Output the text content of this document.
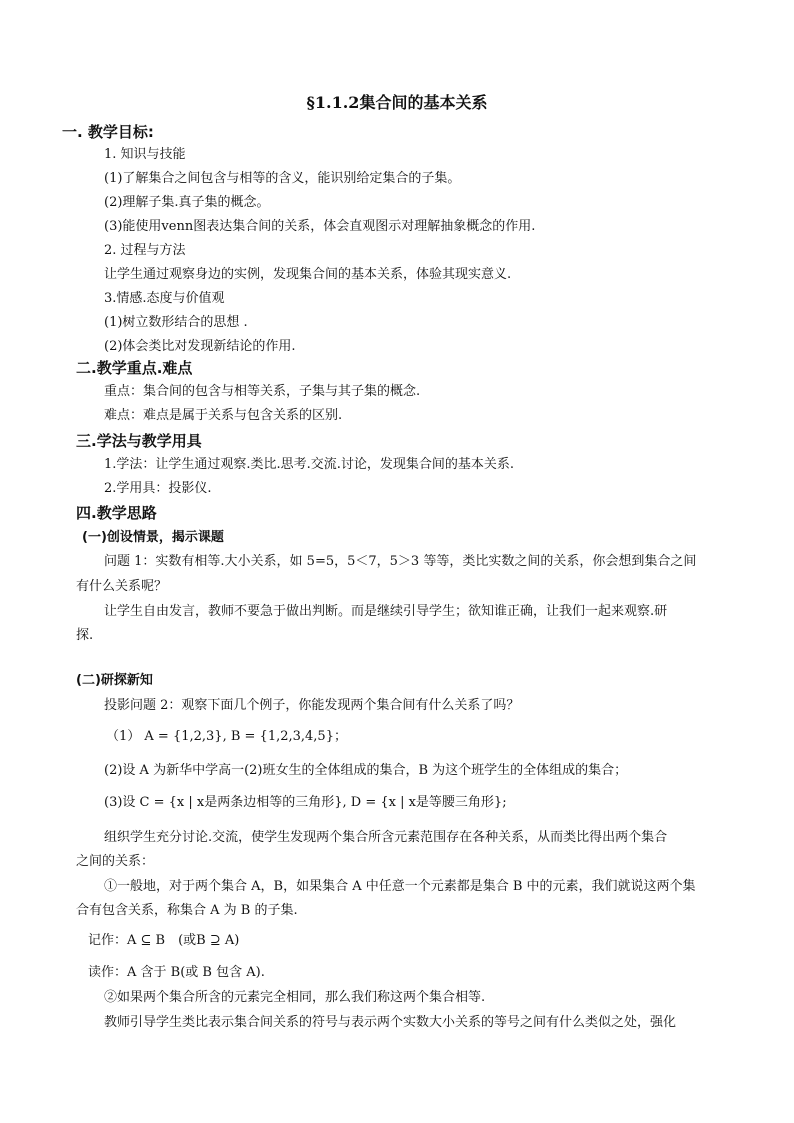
§1.1.2集合间的基本关系
一. 教学目标:
1. 知识与技能
(1)了解集合之间包含与相等的含义，能识别给定集合的子集。
(2)理解子集.真子集的概念。
(3)能使用venn图表达集合间的关系，体会直观图示对理解抽象概念的作用.
2. 过程与方法
让学生通过观察身边的实例，发现集合间的基本关系，体验其现实意义.
3.情感.态度与价值观
(1)树立数形结合的思想 .
(2)体会类比对发现新结论的作用.
二.教学重点.难点
重点：集合间的包含与相等关系，子集与其子集的概念.
难点：难点是属于关系与包含关系的区别.
三.学法与教学用具
1.学法：让学生通过观察.类比.思考.交流.讨论，发现集合间的基本关系.
2.学用具：投影仪.
四.教学思路
(一)创设情景，揭示课题
问题 1：实数有相等.大小关系，如 5=5，5＜7，5＞3 等等，类比实数之间的关系，你会想到集合之间
有什么关系呢？
让学生自由发言，教师不要急于做出判断。而是继续引导学生；欲知谁正确，让我们一起来观察.研
探.
(二)研探新知
投影问题 2：观察下面几个例子，你能发现两个集合间有什么关系了吗？
（1） A = {1,2,3}, B = {1,2,3,4,5}；
(2)设 A 为新华中学高一(2)班女生的全体组成的集合，B 为这个班学生的全体组成的集合；
(3)设 C = {x | x是两条边相等的三角形}, D = {x | x是等腰三角形};
组织学生充分讨论.交流，使学生发现两个集合所含元素范围存在各种关系，从而类比得出两个集合
之间的关系：
①一般地，对于两个集合 A，B，如果集合 A 中任意一个元素都是集合 B 中的元素，我们就说这两个集
合有包含关系，称集合 A 为 B 的子集.
记作：A ⊆ B　(或B ⊇ A)
读作：A 含于 B(或 B 包含 A).
②如果两个集合所含的元素完全相同，那么我们称这两个集合相等.
教师引导学生类比表示集合间关系的符号与表示两个实数大小关系的等号之间有什么类似之处，强化
